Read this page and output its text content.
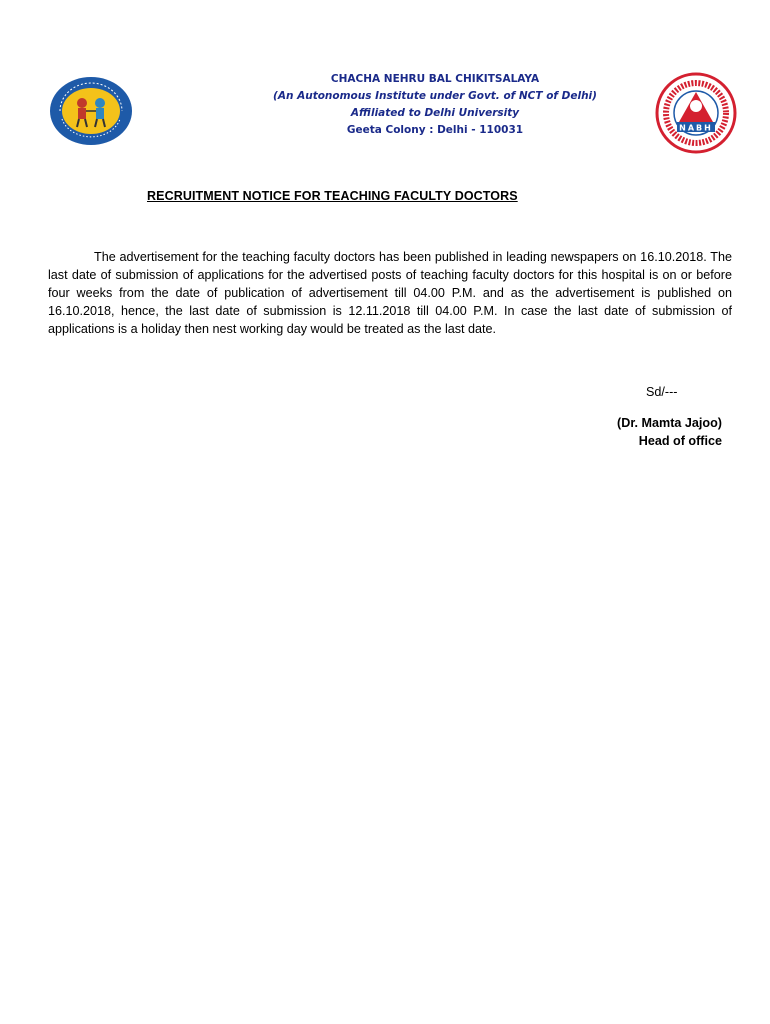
CHACHA NEHRU BAL CHIKITSALAYA
(An Autonomous Institute under Govt. of NCT of Delhi)
Affiliated to Delhi University
Geeta Colony : Delhi - 110031	NABH
RECRUITMENT NOTICE FOR TEACHING FACULTY DOCTORS

The advertisement for the teaching faculty doctors has been published in leading newspapers on 16.10.2018. The last date of submission of applications for the advertised posts of teaching faculty doctors for this hospital is on or before four weeks from the date of publication of advertisement till 04.00 P.M. and as the advertisement is published on 16.10.2018, hence, the last date of submission is 12.11.2018 till 04.00 P.M. In case the last date of submission of applications is a holiday then nest working day would be treated as the last date.

Sd/---
(Dr. Mamta Jajoo)
Head of office
